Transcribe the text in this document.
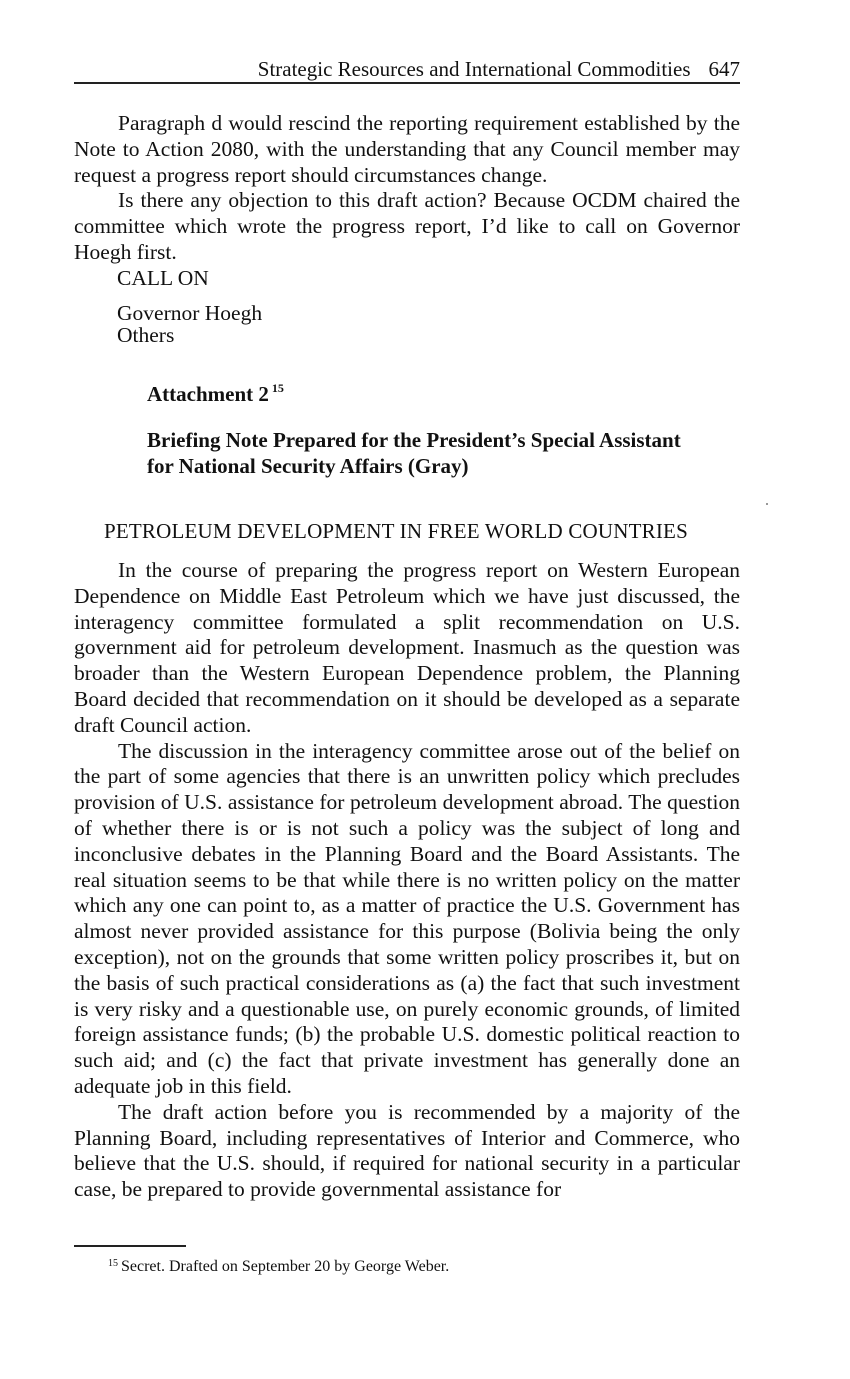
Strategic Resources and International Commodities 647

Paragraph d would rescind the reporting requirement established by the Note to Action 2080, with the understanding that any Council member may request a progress report should circumstances change.

Is there any objection to this draft action? Because OCDM chaired the committee which wrote the progress report, I’d like to call on Governor Hoegh first.

CALL ON
Governor Hoegh
Others
Attachment 2 $^{15}$
Briefing Note Prepared for the President’s Special Assistant
for National Security Affairs (Gray)
PETROLEUM DEVELOPMENT IN FREE WORLD COUNTRIES

In the course of preparing the progress report on Western European Dependence on Middle East Petroleum which we have just discussed, the interagency committee formulated a split recommendation on U.S. government aid for petroleum development. Inasmuch as the question was broader than the Western European Dependence problem, the Planning Board decided that recommendation on it should be developed as a separate draft Council action.

The discussion in the interagency committee arose out of the belief on the part of some agencies that there is an unwritten policy which precludes provision of U.S. assistance for petroleum development abroad. The question of whether there is or is not such a policy was the subject of long and inconclusive debates in the Planning Board and the Board Assistants. The real situation seems to be that while there is no written policy on the matter which any one can point to, as a matter of practice the U.S. Government has almost never provided assistance for this purpose (Bolivia being the only exception), not on the grounds that some written policy proscribes it, but on the basis of such practical considerations as (a) the fact that such investment is very risky and a questionable use, on purely economic grounds, of limited foreign assistance funds; (b) the probable U.S. domestic political reaction to such aid; and (c) the fact that private investment has generally done an adequate job in this field.

The draft action before you is recommended by a majority of the Planning Board, including representatives of Interior and Commerce, who believe that the U.S. should, if required for national security in a particular case, be prepared to provide governmental assistance for

$^{15}$ Secret. Drafted on September 20 by George Weber.
